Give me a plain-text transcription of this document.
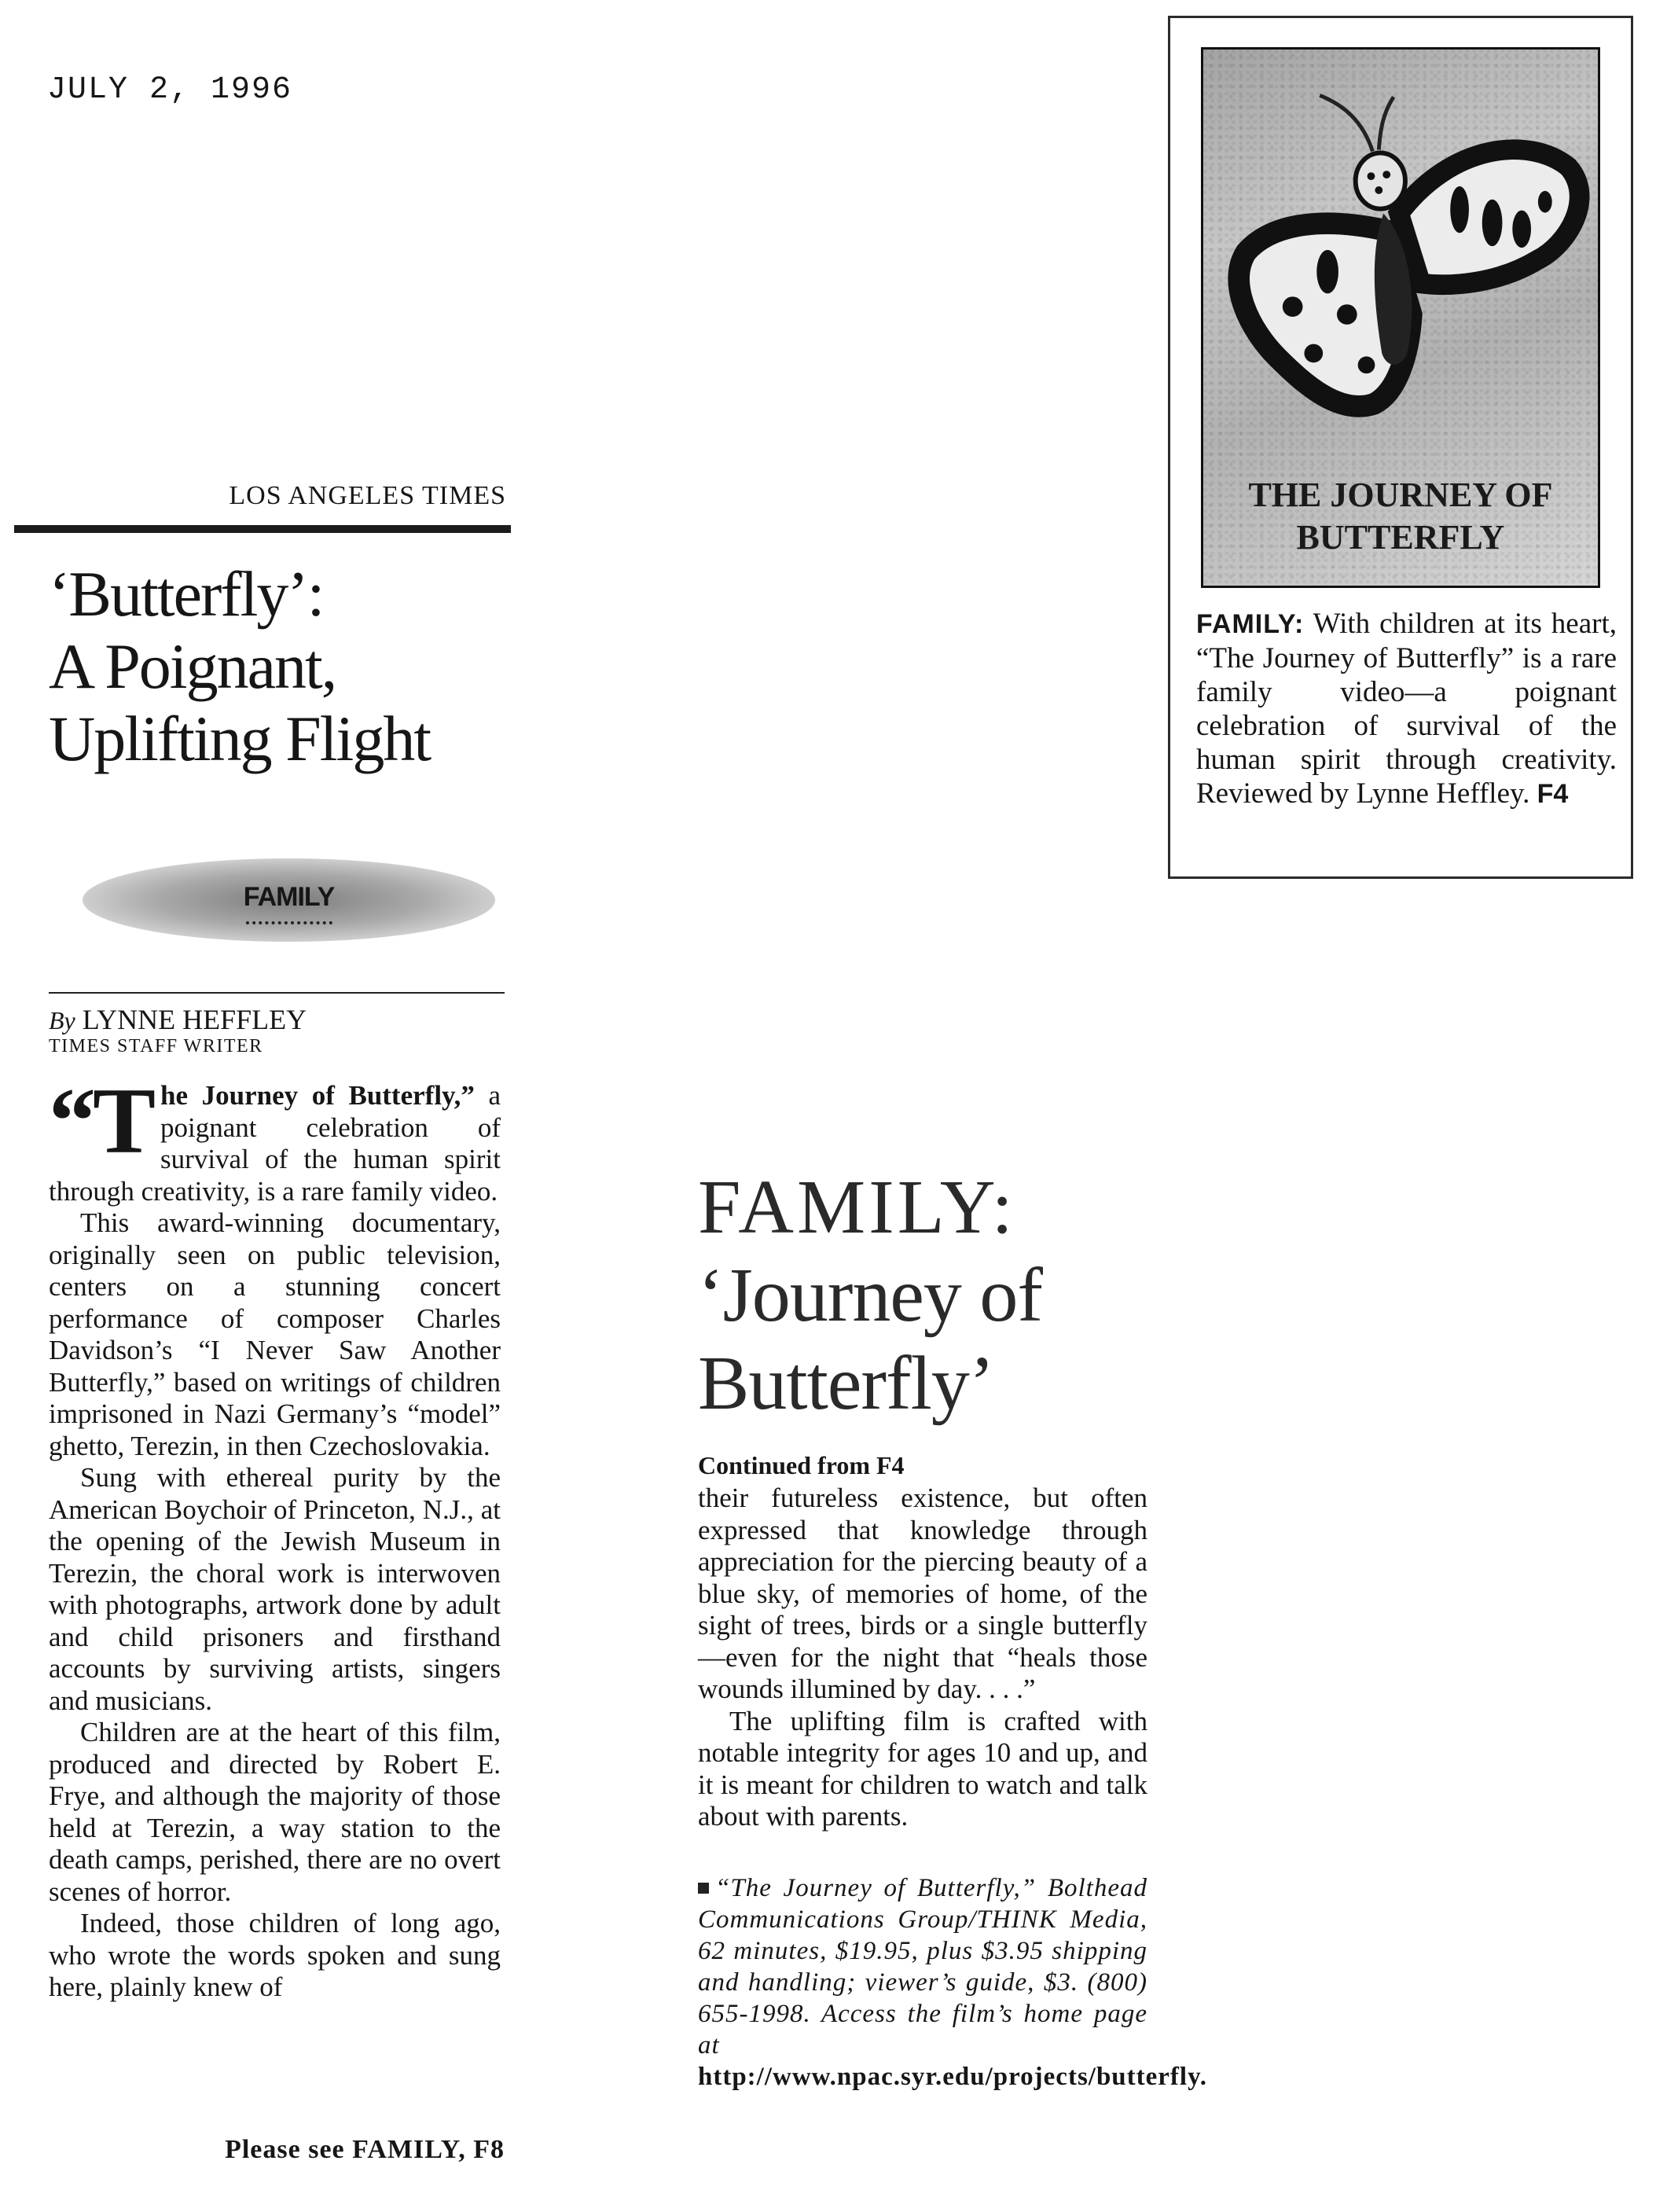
JULY 2, 1996
LOS ANGELES TIMES
‘Butterfly’:
A Poignant,
Uplifting Flight
FAMILY
By LYNNE HEFFLEY
TIMES STAFF WRITER

“The Journey of Butterfly,” a poignant celebration of survival of the human spirit through creativity, is a rare family video.

This award-winning documentary, originally seen on public television, centers on a stunning concert performance of composer Charles Davidson’s “I Never Saw Another Butterfly,” based on writings of children imprisoned in Nazi Germany’s “model” ghetto, Terezin, in then Czechoslovakia.

Sung with ethereal purity by the American Boychoir of Princeton, N.J., at the opening of the Jewish Museum in Terezin, the choral work is interwoven with photographs, artwork done by adult and child prisoners and firsthand accounts by surviving artists, singers and musicians.

Children are at the heart of this film, produced and directed by Robert E. Frye, and although the majority of those held at Terezin, a way station to the death camps, perished, there are no overt scenes of horror.

Indeed, those children of long ago, who wrote the words spoken and sung here, plainly knew of

Please see FAMILY, F8
FAMILY:
‘Journey of
Butterfly’
Continued from F4

their futureless existence, but often expressed that knowledge through appreciation for the piercing beauty of a blue sky, of memories of home, of the sight of trees, birds or a single butterfly—even for the night that “heals those wounds illumined by day. . . .”

The uplifting film is crafted with notable integrity for ages 10 and up, and it is meant for children to watch and talk about with parents.

“The Journey of Butterfly,” Bolthead Communications Group/THINK Media, 62 minutes, $19.95, plus $3.95 shipping and handling; viewer’s guide, $3. (800) 655-1998. Access the film’s home page at http://www.npac.syr.edu/projects/butterfly.
THE JOURNEY OF
BUTTERFLY
FAMILY: With children at its heart, “The Journey of Butterfly” is a rare family video—a poignant celebration of survival of the human spirit through creativity. Reviewed by Lynne Heffley. F4
